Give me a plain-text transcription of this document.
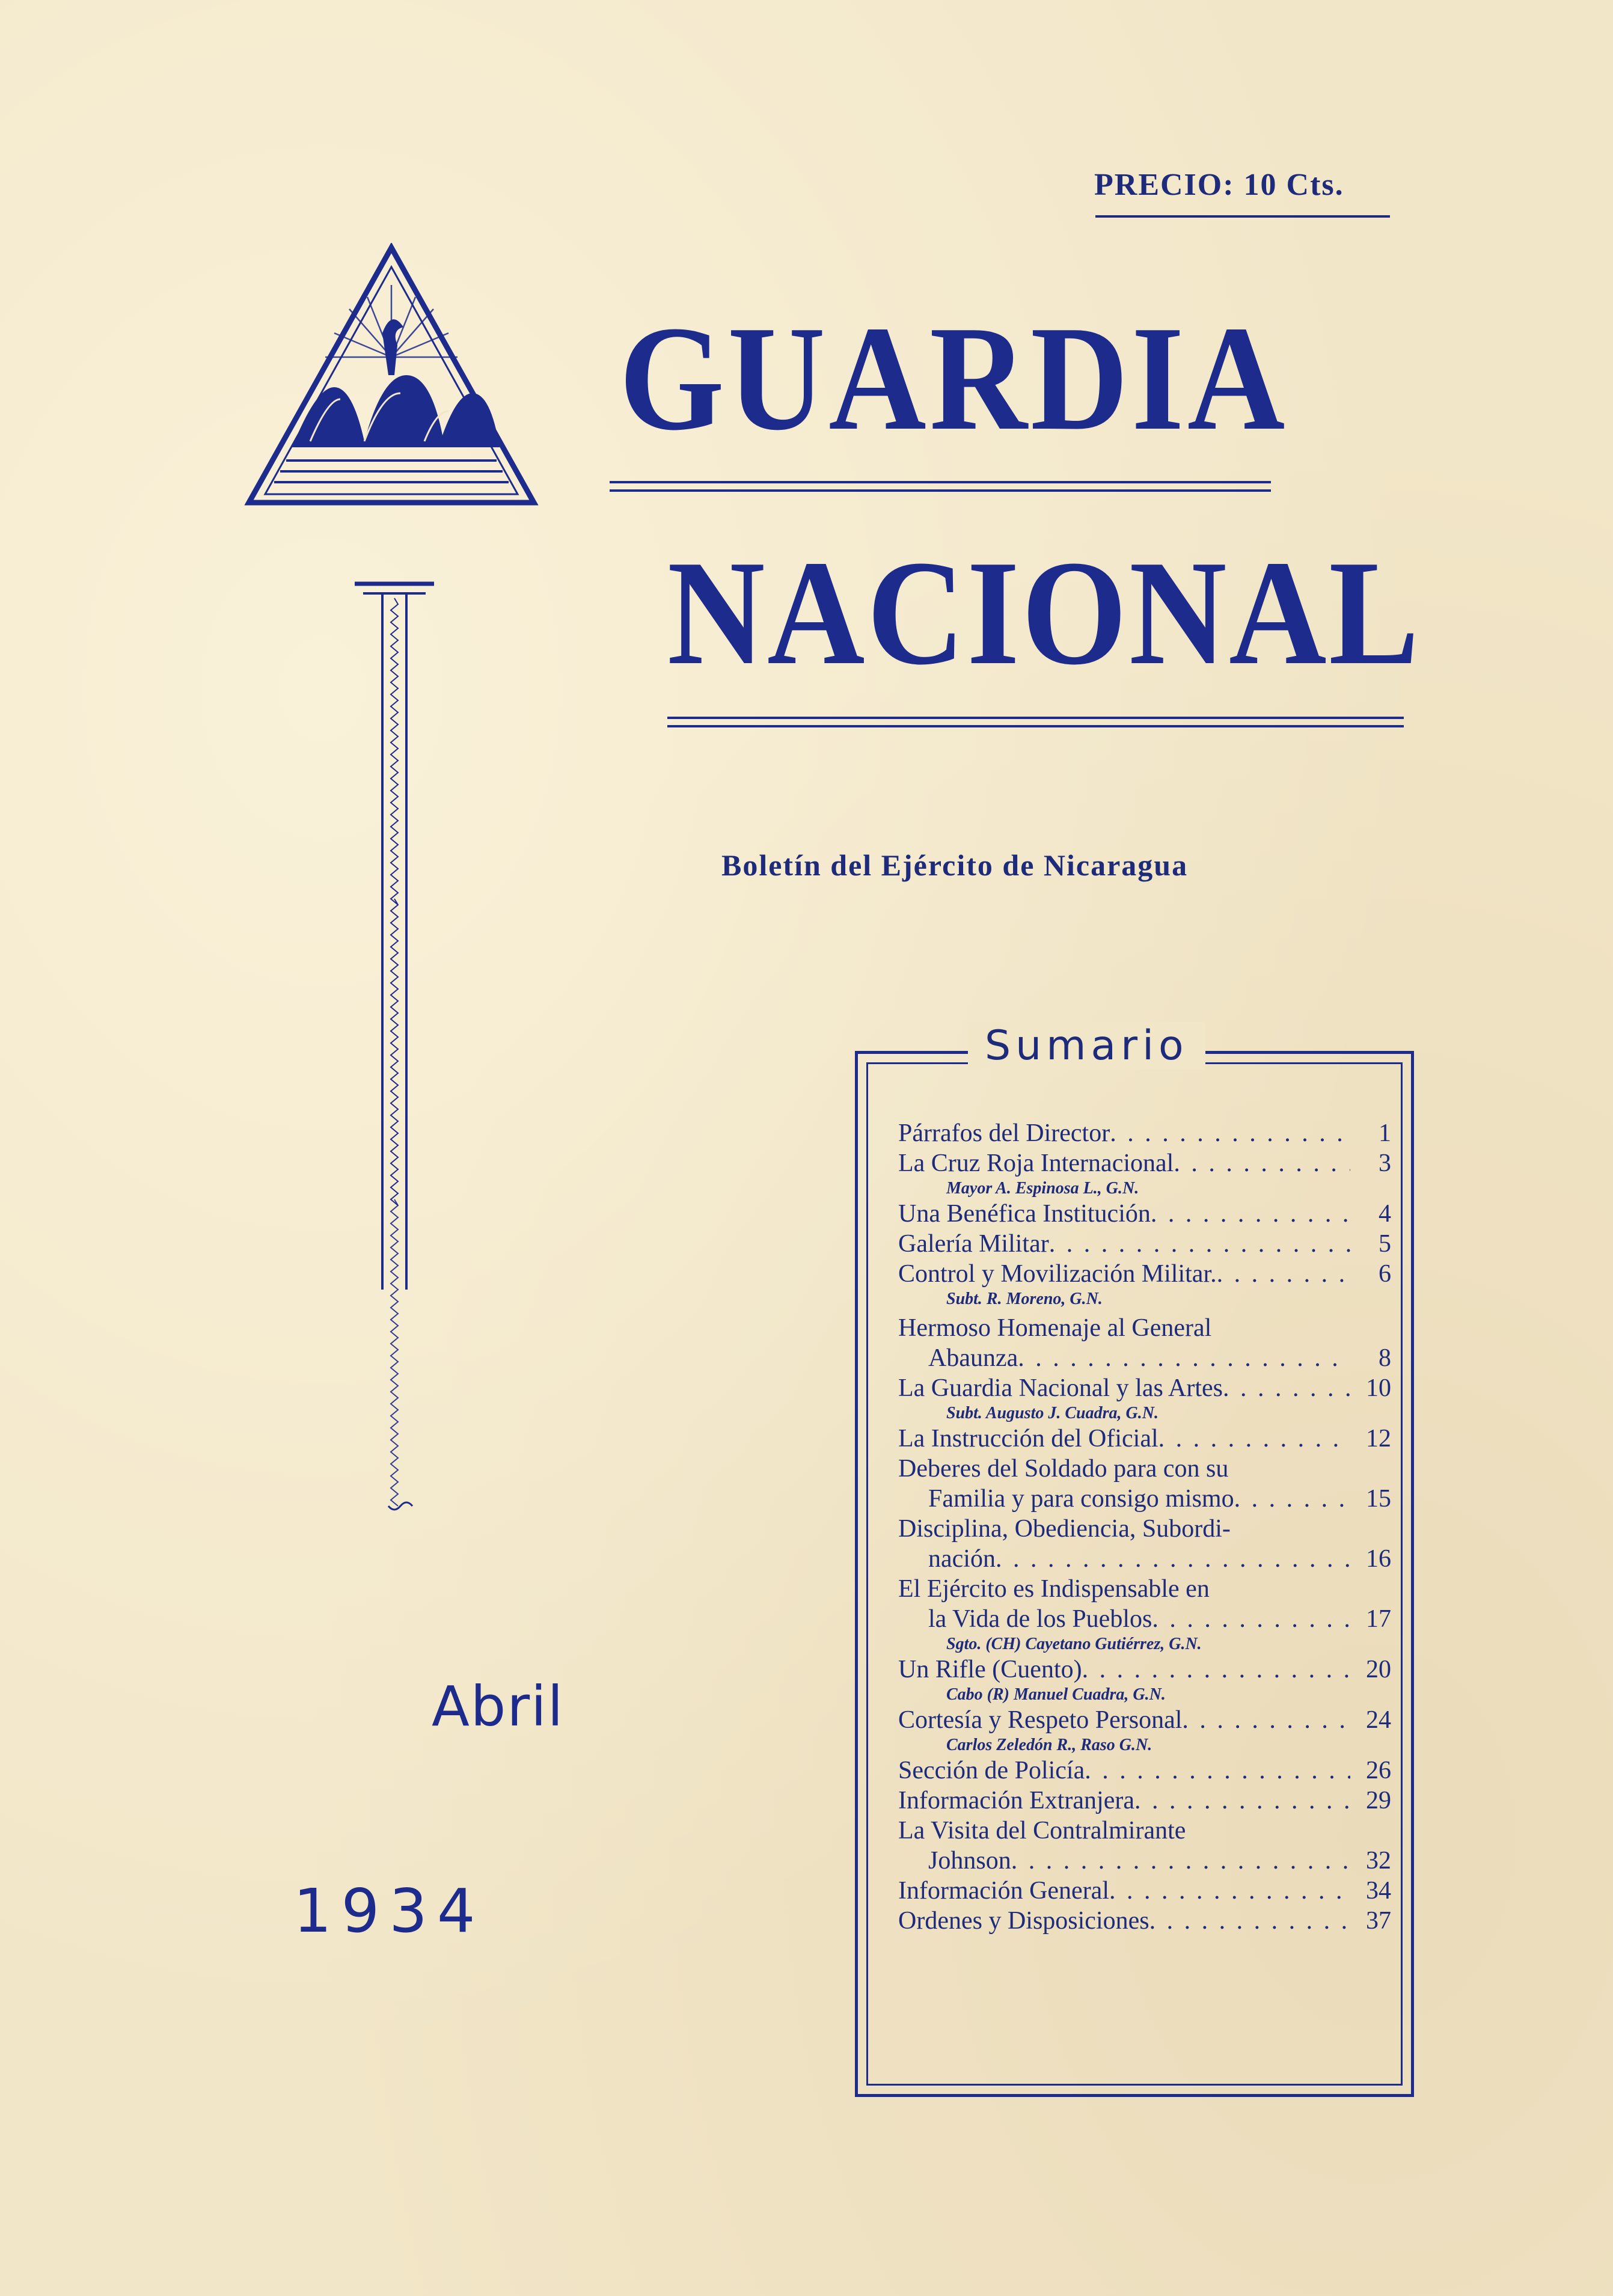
PRECIO: 10 Cts.
GUARDIA
NACIONAL
Boletín del Ejército de Nicaragua
Abril
1934
Sumario
Párrafos del Director . . .	1
La Cruz Roja Internacional . . .	3
Mayor A. Espinosa L., G.N.
Una Benéfica Institución . . .	4
Galería Militar . . .	5
Control y Movilización Militar. . . .	6
Subt. R. Moreno, G.N.
Hermoso Homenaje al General
Abaunza . . .	8
La Guardia Nacional y las Artes . . .	10
Subt. Augusto J. Cuadra, G.N.
La Instrucción del Oficial . . .	12
Deberes del Soldado para con su
Familia y para consigo mismo . . .	15
Disciplina, Obediencia, Subordi-
nación . . .	16
El Ejército es Indispensable en
la Vida de los Pueblos . . .	17
Sgto. (CH) Cayetano Gutiérrez, G.N.
Un Rifle (Cuento) . . .	20
Cabo (R) Manuel Cuadra, G.N.
Cortesía y Respeto Personal . . .	24
Carlos Zeledón R., Raso G.N.
Sección de Policía . . .	26
Información Extranjera . . .	29
La Visita del Contralmirante
Johnson . . .	32
Información General . . .	34
Ordenes y Disposiciones . . .	37
